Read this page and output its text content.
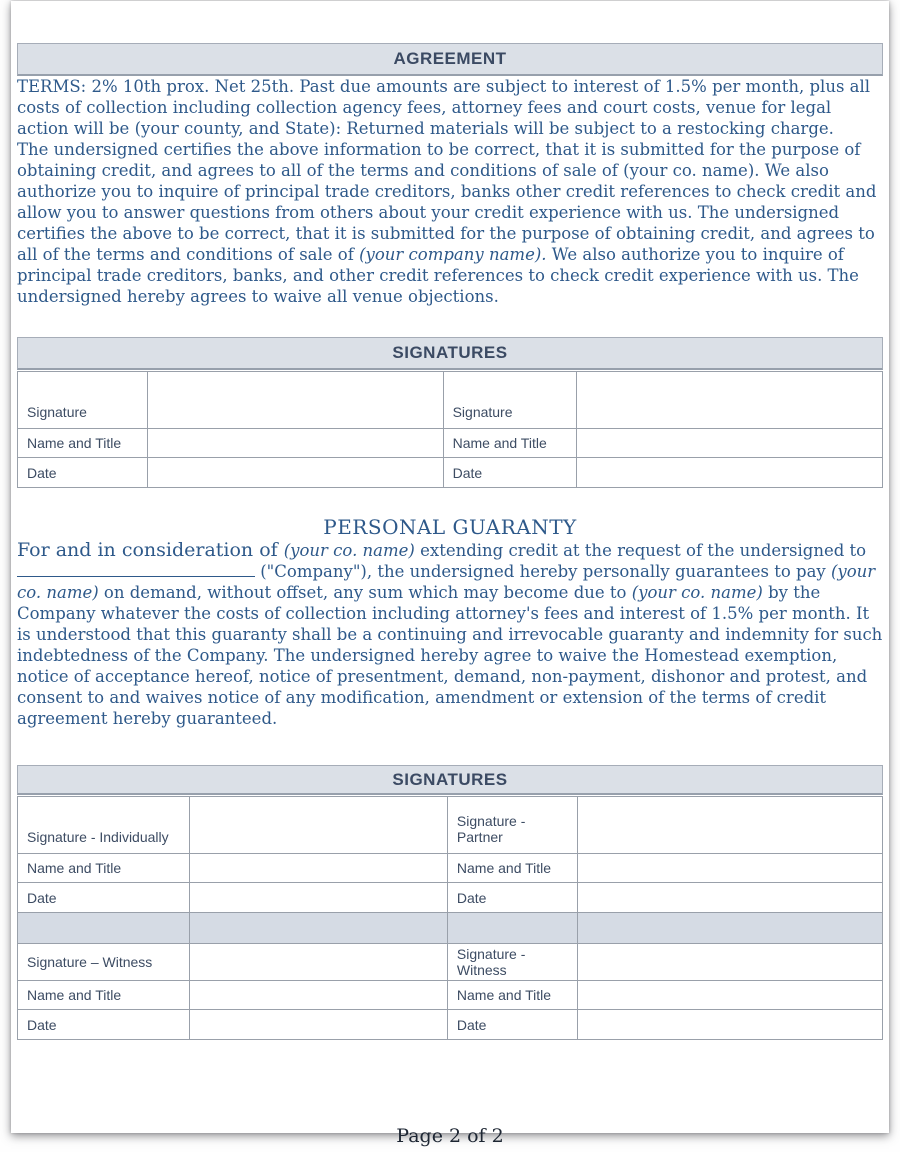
AGREEMENT

TERMS: 2% 10th prox. Net 25th. Past due amounts are subject to interest of 1.5% per month, plus all costs of collection including collection agency fees, attorney fees and court costs, venue for legal action will be (your county, and State): Returned materials will be subject to a restocking charge.

The undersigned certifies the above information to be correct, that it is submitted for the purpose of obtaining credit, and agrees to all of the terms and conditions of sale of (your co. name). We also authorize you to inquire of principal trade creditors, banks other credit references to check credit and allow you to answer questions from others about your credit experience with us. The undersigned certifies the above to be correct, that it is submitted for the purpose of obtaining credit, and agrees to all of the terms and conditions of sale of (your company name). We also authorize you to inquire of principal trade creditors, banks, and other credit references to check credit experience with us. The undersigned hereby agrees to waive all venue objections.

SIGNATURES
Signature		Signature	
Name and Title		Name and Title	
Date		Date	
PERSONAL GUARANTY

For and in consideration of (your co. name) extending credit at the request of the undersigned to  ("Company"), the undersigned hereby personally guarantees to pay (your co. name) on demand, without offset, any sum which may become due to (your co. name) by the Company whatever the costs of collection including attorney's fees and interest of 1.5% per month. It is understood that this guaranty shall be a continuing and irrevocable guaranty and indemnity for such indebtedness of the Company. The undersigned hereby agree to waive the Homestead exemption, notice of acceptance hereof, notice of presentment, demand, non-payment, dishonor and protest, and consent to and waives notice of any modification, amendment or extension of the terms of credit agreement hereby guaranteed.

SIGNATURES
Signature - Individually		Signature - Partner	
Name and Title		Name and Title	
Date		Date	

Signature – Witness		Signature - Witness	
Name and Title		Name and Title	
Date		Date	

Page 2 of 2
